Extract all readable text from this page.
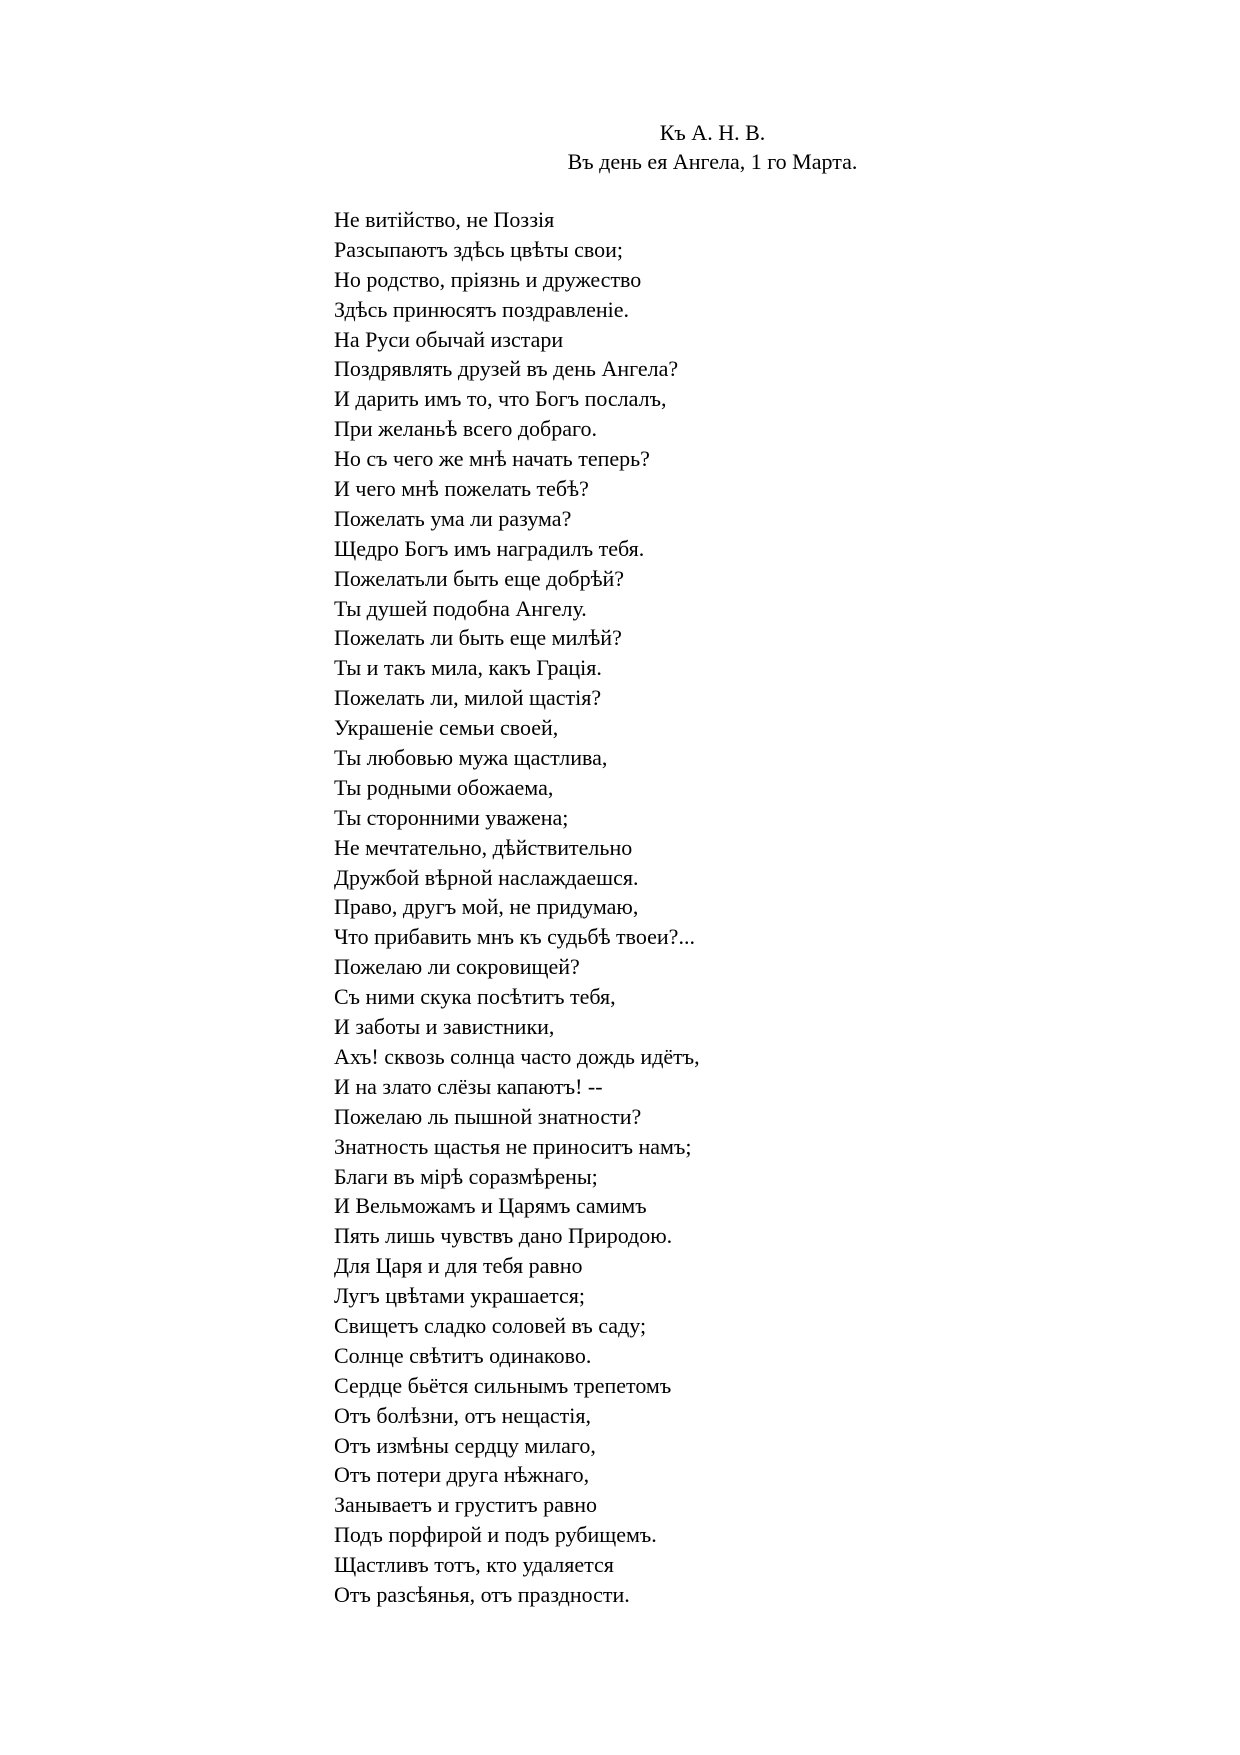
Къ А. Н. В.
Въ день ея Ангела, 1 го Марта.
Не витiйство, не Поззiя
Разсыпаютъ здѣсь цвѣты свои;
Но родство, прiязнь и дружество
Здѣсь принюсятъ поздравленiе.
На Руси обычай изстари
Поздрявлять друзей въ день Ангела?
И дарить имъ то, что Богъ послалъ,
При желаньѣ всего добраго.
Но съ чего же мнѣ начать теперь?
И чего мнѣ пожелать тебѣ?
Пожелать ума ли разума?
Щедро Богъ имъ наградилъ тебя.
Пожелатьли быть еще добрѣй?
Ты душей подобна Ангелу.
Пожелать ли быть еще милѣй?
Ты и такъ мила, какъ Грацiя.
Пожелать ли, милой щастiя?
Украшенiе семьи своей,
Ты любовью мужа щастлива,
Ты родными обожаема,
Ты сторонними уважена;
Не мечтательно, дѣйствительно
Дружбой вѣрной наслаждаешся.
Право, другъ мой, не придумаю,
Что прибавить мнъ къ судьбѣ твоеи?...
Пожелаю ли сокровищей?
Съ ними скука посѣтитъ тебя,
И заботы и завистники,
Ахъ! сквозь солнца часто дождь идётъ,
И на злато слёзы капаютъ! --
Пожелаю ль пышной знатности?
Знатность щастья не приноситъ намъ;
Благи въ мiрѣ соразмѣрены;
И Вельможамъ и Царямъ самимъ
Пять лишь чувствъ дано Природою.
Для Царя и для тебя равно
Лугъ цвѣтами украшается;
Свищетъ сладко соловей въ саду;
Солнце свѣтитъ одинаково.
Сердце бьётся сильнымъ трепетомъ
Отъ болѣзни, отъ нещастiя,
Отъ измѣны сердцу милаго,
Отъ потери друга нѣжнаго,
Занываетъ и груститъ равно
Подъ порфирой и подъ рубищемъ.
Щастливъ тотъ, кто удаляется
Отъ разсѣянья, отъ праздности.
